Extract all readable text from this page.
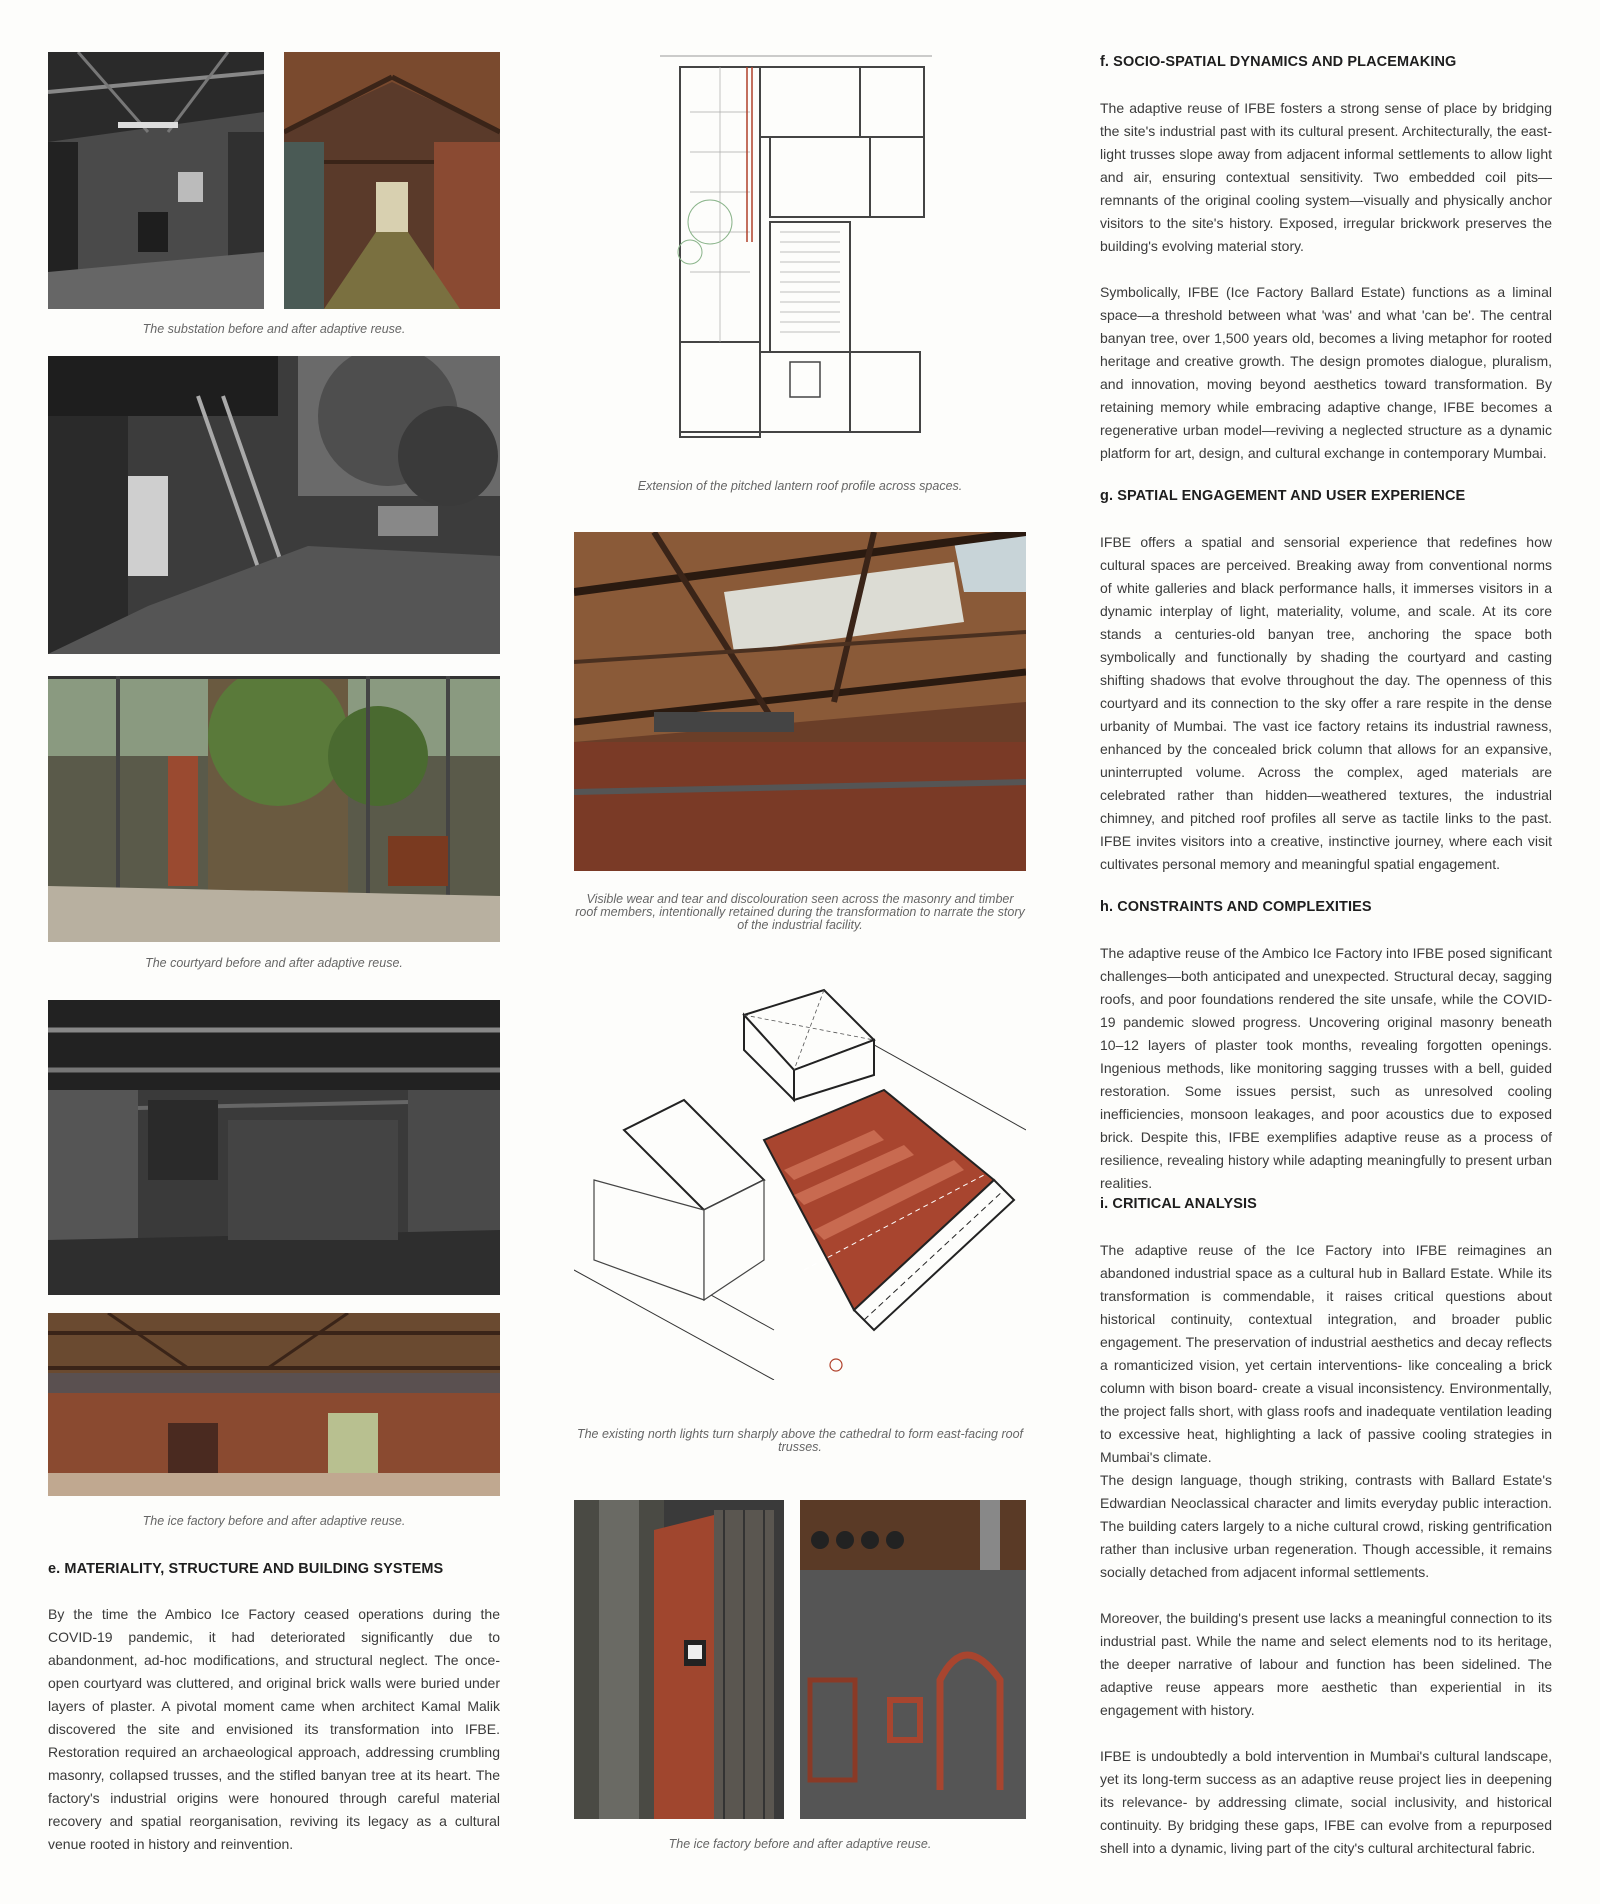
The substation before and after adaptive reuse.
The courtyard before and after adaptive reuse.
The ice factory before and after adaptive reuse.
e. MATERIALITY, STRUCTURE AND BUILDING SYSTEMS
By the time the Ambico Ice Factory ceased operations during the COVID-19 pandemic, it had deteriorated significantly due to abandonment, ad-hoc modifications, and structural neglect. The once-open courtyard was cluttered, and original brick walls were buried under layers of plaster. A pivotal moment came when architect Kamal Malik discovered the site and envisioned its transformation into IFBE. Restoration required an archaeological approach, addressing crumbling masonry, collapsed trusses, and the stifled banyan tree at its heart. The factory's industrial origins were honoured through careful material recovery and spatial reorganisation, reviving its legacy as a cultural venue rooted in history and reinvention.
Extension of the pitched lantern roof profile across spaces.
Visible wear and tear and discolouration seen across the masonry and timber roof members, intentionally retained during the transformation to narrate the story of the industrial facility.
The existing north lights turn sharply above the cathedral to form east-facing roof trusses.
The ice factory before and after adaptive reuse.
f. SOCIO-SPATIAL DYNAMICS AND PLACEMAKING
The adaptive reuse of IFBE fosters a strong sense of place by bridging the site's industrial past with its cultural present. Architecturally, the east-light trusses slope away from adjacent informal settlements to allow light and air, ensuring contextual sensitivity. Two embedded coil pits—remnants of the original cooling system—visually and physically anchor visitors to the site's history. Exposed, irregular brickwork preserves the building's evolving material story.
Symbolically, IFBE (Ice Factory Ballard Estate) functions as a liminal space—a threshold between what 'was' and what 'can be'. The central banyan tree, over 1,500 years old, becomes a living metaphor for rooted heritage and creative growth. The design promotes dialogue, pluralism, and innovation, moving beyond aesthetics toward transformation. By retaining memory while embracing adaptive change, IFBE becomes a regenerative urban model—reviving a neglected structure as a dynamic platform for art, design, and cultural exchange in contemporary Mumbai.
g. SPATIAL ENGAGEMENT AND USER EXPERIENCE
IFBE offers a spatial and sensorial experience that redefines how cultural spaces are perceived. Breaking away from conventional norms of white galleries and black performance halls, it immerses visitors in a dynamic interplay of light, materiality, volume, and scale. At its core stands a centuries-old banyan tree, anchoring the space both symbolically and functionally by shading the courtyard and casting shifting shadows that evolve throughout the day. The openness of this courtyard and its connection to the sky offer a rare respite in the dense urbanity of Mumbai. The vast ice factory retains its industrial rawness, enhanced by the concealed brick column that allows for an expansive, uninterrupted volume. Across the complex, aged materials are celebrated rather than hidden—weathered textures, the industrial chimney, and pitched roof profiles all serve as tactile links to the past. IFBE invites visitors into a creative, instinctive journey, where each visit cultivates personal memory and meaningful spatial engagement.
h. CONSTRAINTS AND COMPLEXITIES
The adaptive reuse of the Ambico Ice Factory into IFBE posed significant challenges—both anticipated and unexpected. Structural decay, sagging roofs, and poor foundations rendered the site unsafe, while the COVID-19 pandemic slowed progress. Uncovering original masonry beneath 10–12 layers of plaster took months, revealing forgotten openings. Ingenious methods, like monitoring sagging trusses with a bell, guided restoration. Some issues persist, such as unresolved cooling inefficiencies, monsoon leakages, and poor acoustics due to exposed brick. Despite this, IFBE exemplifies adaptive reuse as a process of resilience, revealing history while adapting meaningfully to present urban realities.
i. CRITICAL ANALYSIS
The adaptive reuse of the Ice Factory into IFBE reimagines an abandoned industrial space as a cultural hub in Ballard Estate. While its transformation is commendable, it raises critical questions about historical continuity, contextual integration, and broader public engagement. The preservation of industrial aesthetics and decay reflects a romanticized vision, yet certain interventions- like concealing a brick column with bison board- create a visual inconsistency. Environmentally, the project falls short, with glass roofs and inadequate ventilation leading to excessive heat, highlighting a lack of passive cooling strategies in Mumbai's climate.
The design language, though striking, contrasts with Ballard Estate's Edwardian Neoclassical character and limits everyday public interaction. The building caters largely to a niche cultural crowd, risking gentrification rather than inclusive urban regeneration. Though accessible, it remains socially detached from adjacent informal settlements.
Moreover, the building's present use lacks a meaningful connection to its industrial past. While the name and select elements nod to its heritage, the deeper narrative of labour and function has been sidelined. The adaptive reuse appears more aesthetic than experiential in its engagement with history.
IFBE is undoubtedly a bold intervention in Mumbai's cultural landscape, yet its long-term success as an adaptive reuse project lies in deepening its relevance- by addressing climate, social inclusivity, and historical continuity. By bridging these gaps, IFBE can evolve from a repurposed shell into a dynamic, living part of the city's cultural architectural fabric.
